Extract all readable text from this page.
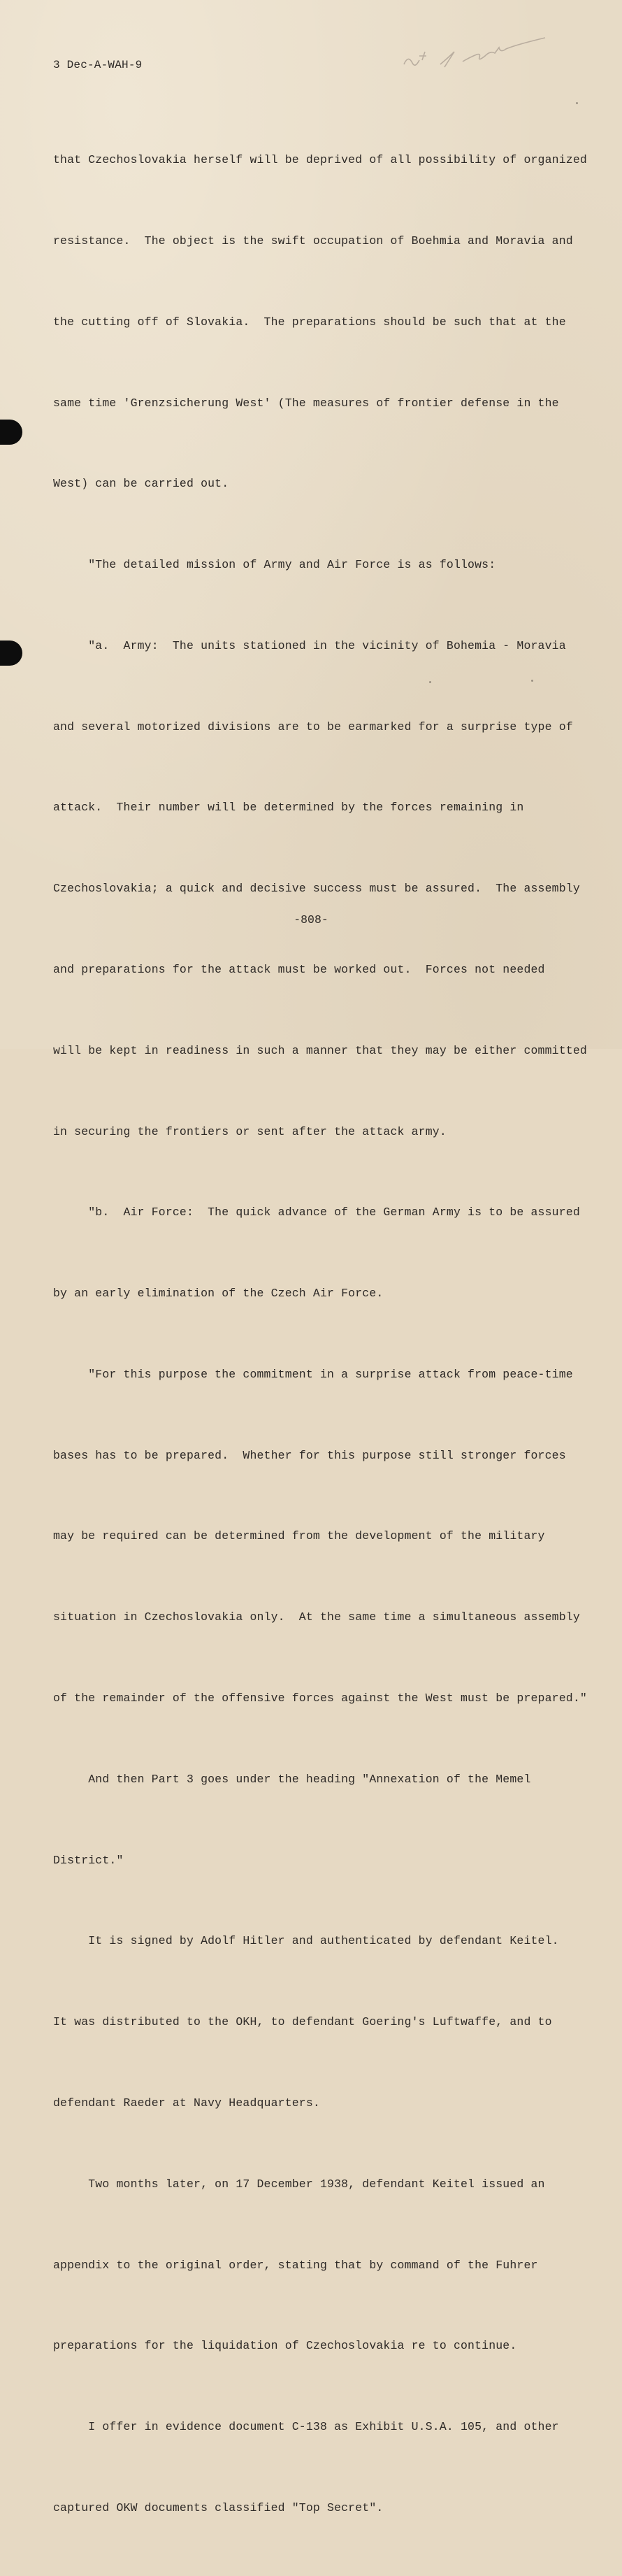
3 Dec-A-WAH-9

that Czechoslovakia herself will be deprived of all possibility of organized

resistance.  The object is the swift occupation of Boehmia and Moravia and

the cutting off of Slovakia.  The preparations should be such that at the

same time 'Grenzsicherung West' (The measures of frontier defense in the

West) can be carried out.

"The detailed mission of Army and Air Force is as follows:

"a.  Army:  The units stationed in the vicinity of Bohemia - Moravia

and several motorized divisions are to be earmarked for a surprise type of

attack.  Their number will be determined by the forces remaining in

Czechoslovakia; a quick and decisive success must be assured.  The assembly

and preparations for the attack must be worked out.  Forces not needed

will be kept in readiness in such a manner that they may be either committed

in securing the frontiers or sent after the attack army.

"b.  Air Force:  The quick advance of the German Army is to be assured

by an early elimination of the Czech Air Force.

"For this purpose the commitment in a surprise attack from peace-time

bases has to be prepared.  Whether for this purpose still stronger forces

may be required can be determined from the development of the military

situation in Czechoslovakia only.  At the same time a simultaneous assembly

of the remainder of the offensive forces against the West must be prepared."

And then Part 3 goes under the heading "Annexation of the Memel

District."

It is signed by Adolf Hitler and authenticated by defendant Keitel.

It was distributed to the OKH, to defendant Goering's Luftwaffe, and to

defendant Raeder at Navy Headquarters.

Two months later, on 17 December 1938, defendant Keitel issued an

appendix to the original order, stating that by command of the Fuhrer

preparations for the liquidation of Czechoslovakia re to continue.

I offer in evidence document C-138 as Exhibit U.S.A. 105, and other

captured OKW documents classified "Top Secret".

-808-
